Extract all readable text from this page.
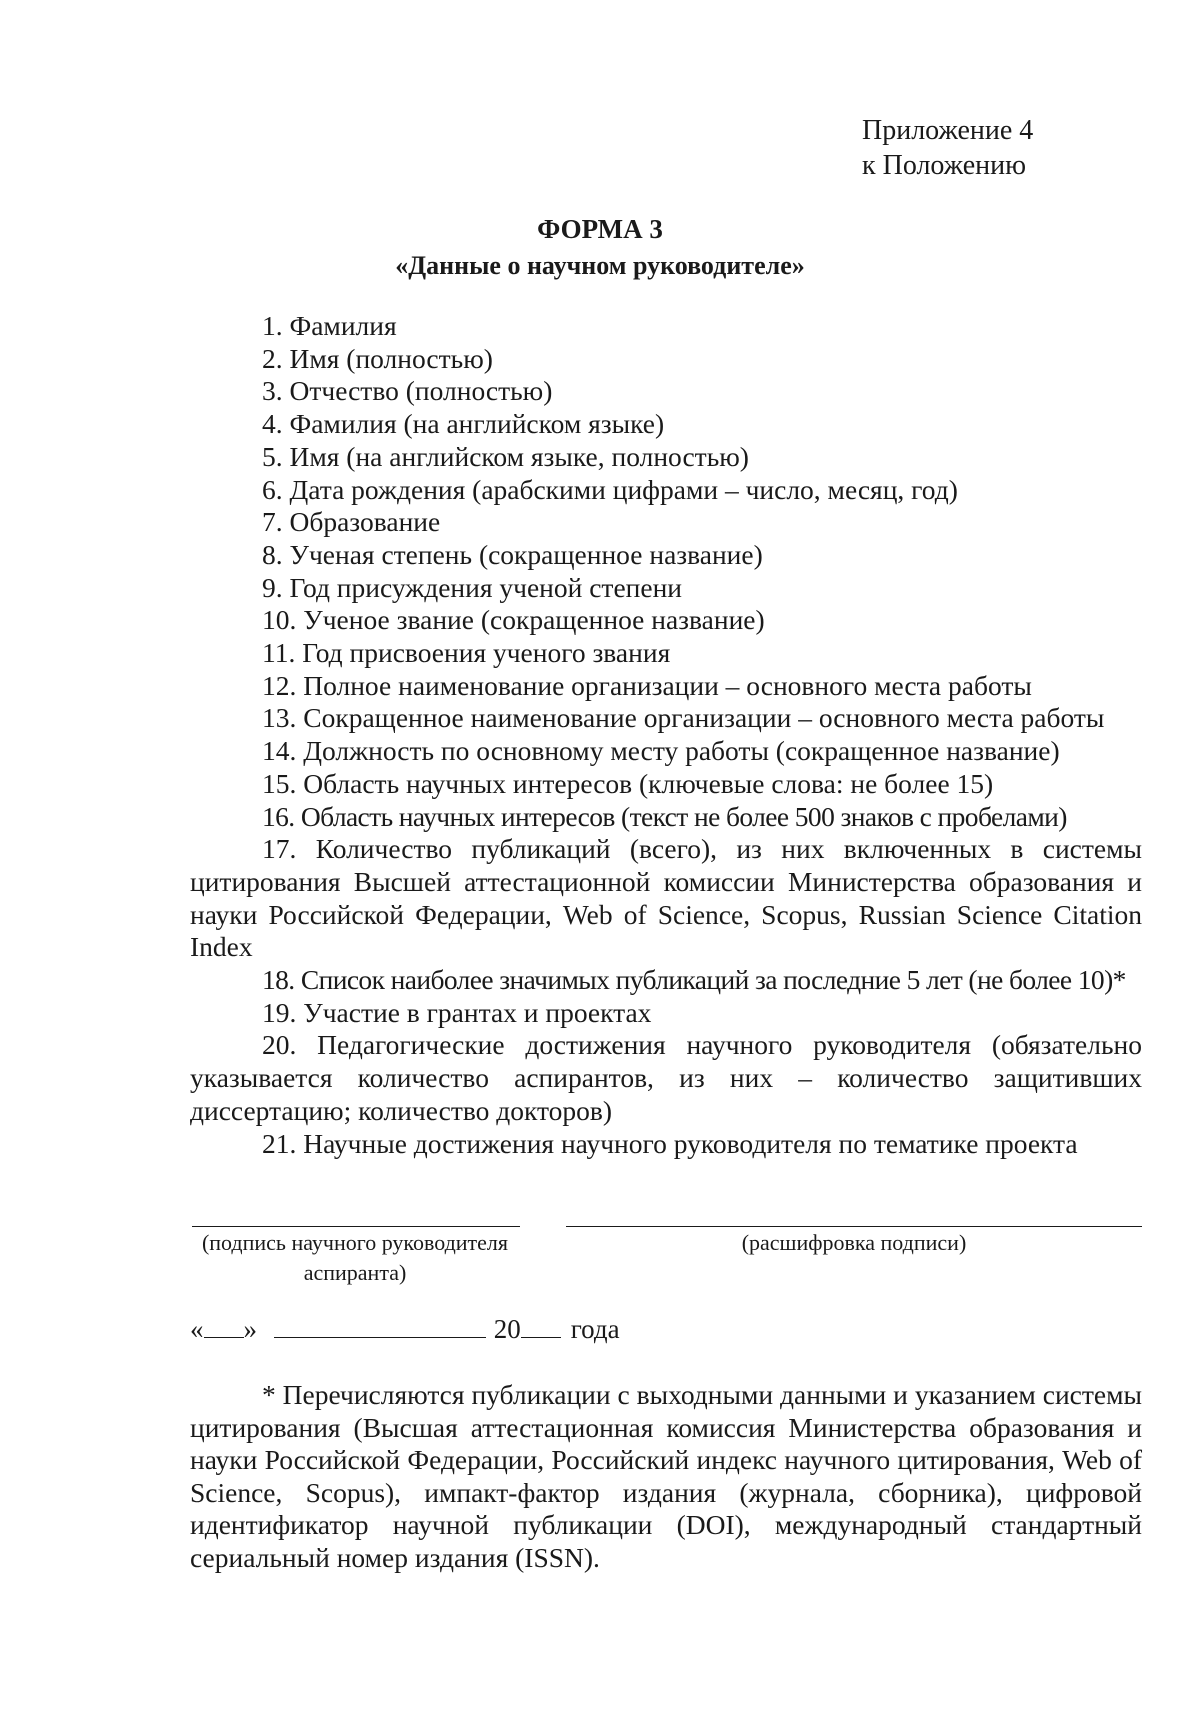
Приложение 4
к Положению
ФОРМА 3
«Данные о научном руководителе»
1. Фамилия
2. Имя (полностью)
3. Отчество (полностью)
4. Фамилия (на английском языке)
5. Имя (на английском языке, полностью)
6. Дата рождения (арабскими цифрами – число, месяц, год)
7. Образование
8. Ученая степень (сокращенное название)
9. Год присуждения ученой степени
10. Ученое звание (сокращенное название)
11. Год присвоения ученого звания
12. Полное наименование организации – основного места работы
13. Сокращенное наименование организации – основного места работы
14. Должность по основному месту работы (сокращенное название)
15. Область научных интересов (ключевые слова: не более 15)
16. Область научных интересов (текст не более 500 знаков с пробелами)
17. Количество публикаций (всего), из них включенных в системы цитирования Высшей аттестационной комиссии Министерства образования и науки Российской Федерации, Web of Science, Scopus, Russian Science Citation Index
18. Список наиболее значимых публикаций за последние 5 лет (не более 10)*
19. Участие в грантах и проектах
20. Педагогические достижения научного руководителя (обязательно указывается количество аспирантов, из них – количество защитивших диссертацию; количество докторов)
21. Научные достижения научного руководителя по тематике проекта
(подпись научного руководителя аспиранта)
(расшифровка подписи)
« »	20 года

* Перечисляются публикации с выходными данными и указанием системы цитирования (Высшая аттестационная комиссия Министерства образования и науки Российской Федерации, Российский индекс научного цитирования, Web of Science, Scopus), импакт-фактор издания (журнала, сборника), цифровой идентификатор научной публикации (DOI), международный стандартный сериальный номер издания (ISSN).
